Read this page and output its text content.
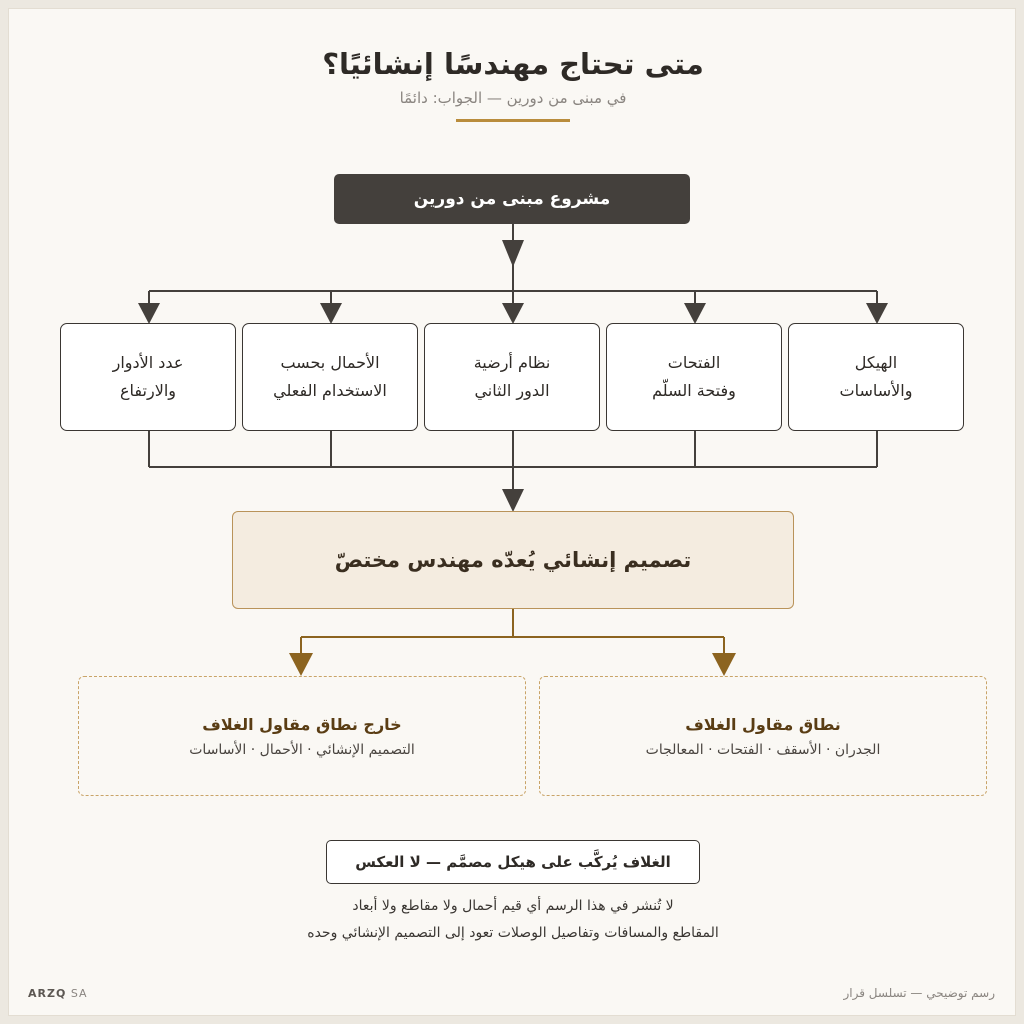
متى تحتاج مهندسًا إنشائيًا؟
في مبنى من دورين — الجواب: دائمًا
مشروع مبنى من دورين
الهيكل
والأساسات
الفتحات
وفتحة السلّم
نظام أرضية
الدور الثاني
الأحمال بحسب
الاستخدام الفعلي
عدد الأدوار
والارتفاع
تصميم إنشائي يُعدّه مهندس مختصّ
نطاق مقاول الغلاف
الجدران · الأسقف · الفتحات · المعالجات
خارج نطاق مقاول الغلاف
التصميم الإنشائي · الأحمال · الأساسات
الغلاف يُركَّب على هيكل مصمَّم — لا العكس
لا تُنشر في هذا الرسم أي قيم أحمال ولا مقاطع ولا أبعاد
المقاطع والمسافات وتفاصيل الوصلات تعود إلى التصميم الإنشائي وحده
ARZQ SA	رسم توضيحي — تسلسل قرار
